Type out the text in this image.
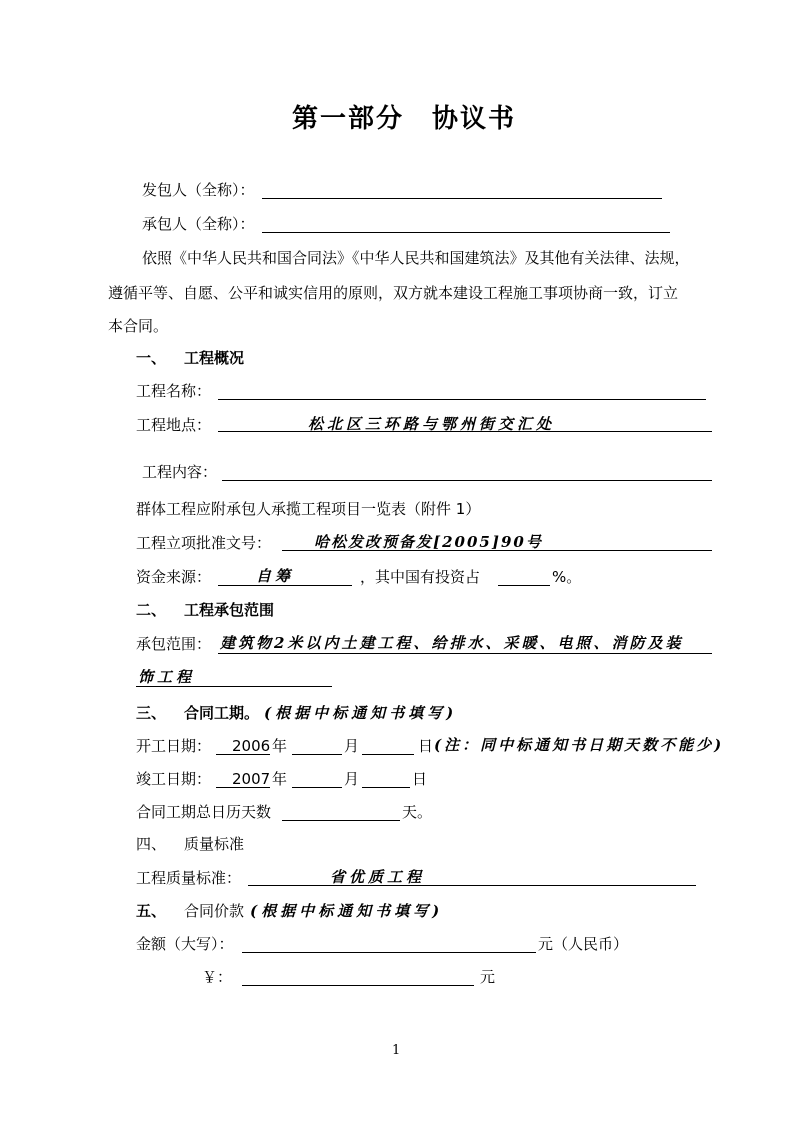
第一部分　协议书
发包人（全称）：
承包人（全称）：
依照《中华人民共和国合同法》《中华人民共和国建筑法》及其他有关法律、法规，
遵循平等、自愿、公平和诚实信用的原则，双方就本建设工程施工事项协商一致，订立
本合同。
一、 工程概况
工程名称：
工程地点：	松北区三环路与鄂州街交汇处
工程内容：
群体工程应附承包人承揽工程项目一览表（附件 1）
工程立项批准文号：	哈松发改预备发[2005]90号
资金来源：	自筹	，其中国有投资占	%。
二、 工程承包范围
承包范围： 建筑物2米以内土建工程、给排水、采暖、电照、消防及装
饰工程
三、 合同工期。 (根据中标通知书填写)
开工日期： 2006 年	月	日 (注：同中标通知书日期天数不能少)
竣工日期： 2007 年	月	日
合同工期总日历天数	天。
四、 质量标准
工程质量标准：	省优质工程
五、 合同价款 (根据中标通知书填写)
金额（大写）：	元（人民币）
￥：	元
1
